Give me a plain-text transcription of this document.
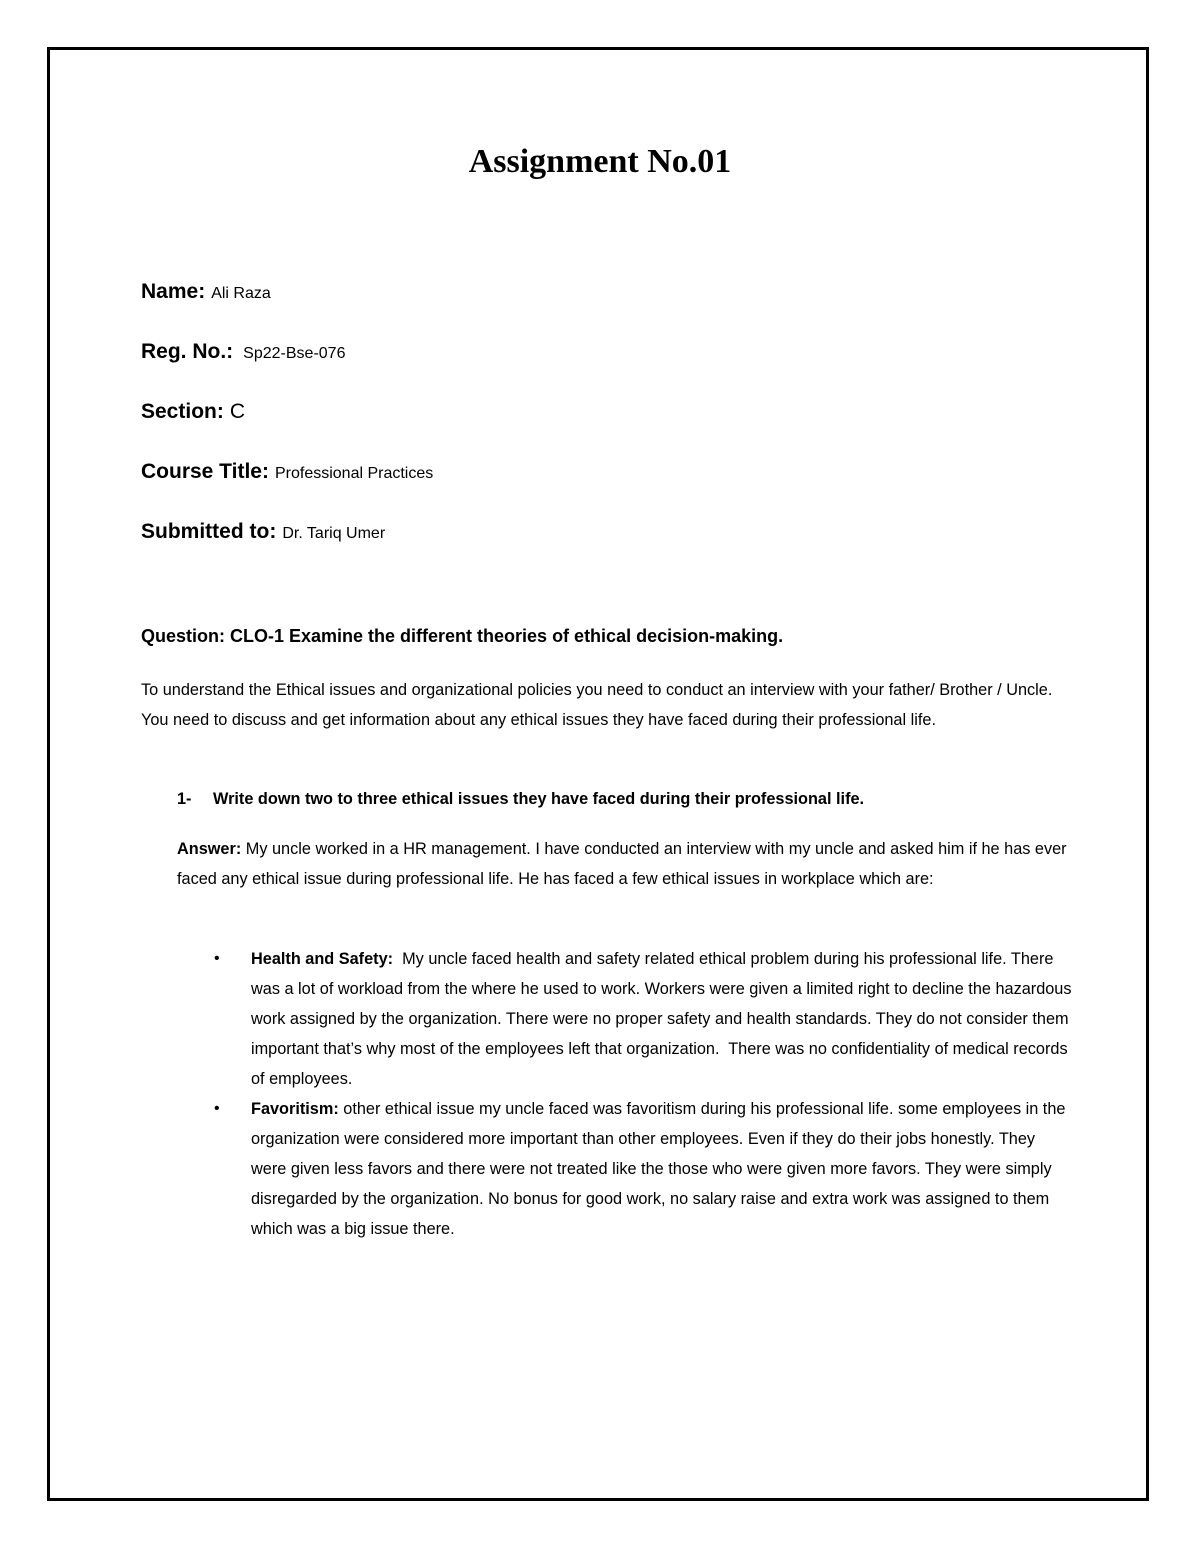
Assignment No.01
Name: Ali Raza
Reg. No.: Sp22-Bse-076
Section: C
Course Title: Professional Practices
Submitted to: Dr. Tariq Umer
Question: CLO-1 Examine the different theories of ethical decision-making.

To understand the Ethical issues and organizational policies you need to conduct an interview with your father/ Brother / Uncle. You need to discuss and get information about any ethical issues they have faced during their professional life.

1-	Write down two to three ethical issues they have faced during their professional life.

Answer: My uncle worked in a HR management. I have conducted an interview with my uncle and asked him if he has ever faced any ethical issue during professional life. He has faced a few ethical issues in workplace which are:

•	Health and Safety:  My uncle faced health and safety related ethical problem during his professional life. There was a lot of workload from the where he used to work. Workers were given a limited right to decline the hazardous work assigned by the organization. There were no proper safety and health standards. They do not consider them important that’s why most of the employees left that organization.  There was no confidentiality of medical records of employees.
•	Favoritism: other ethical issue my uncle faced was favoritism during his professional life. some employees in the organization were considered more important than other employees. Even if they do their jobs honestly. They were given less favors and there were not treated like the those who were given more favors. They were simply disregarded by the organization. No bonus for good work, no salary raise and extra work was assigned to them which was a big issue there.
